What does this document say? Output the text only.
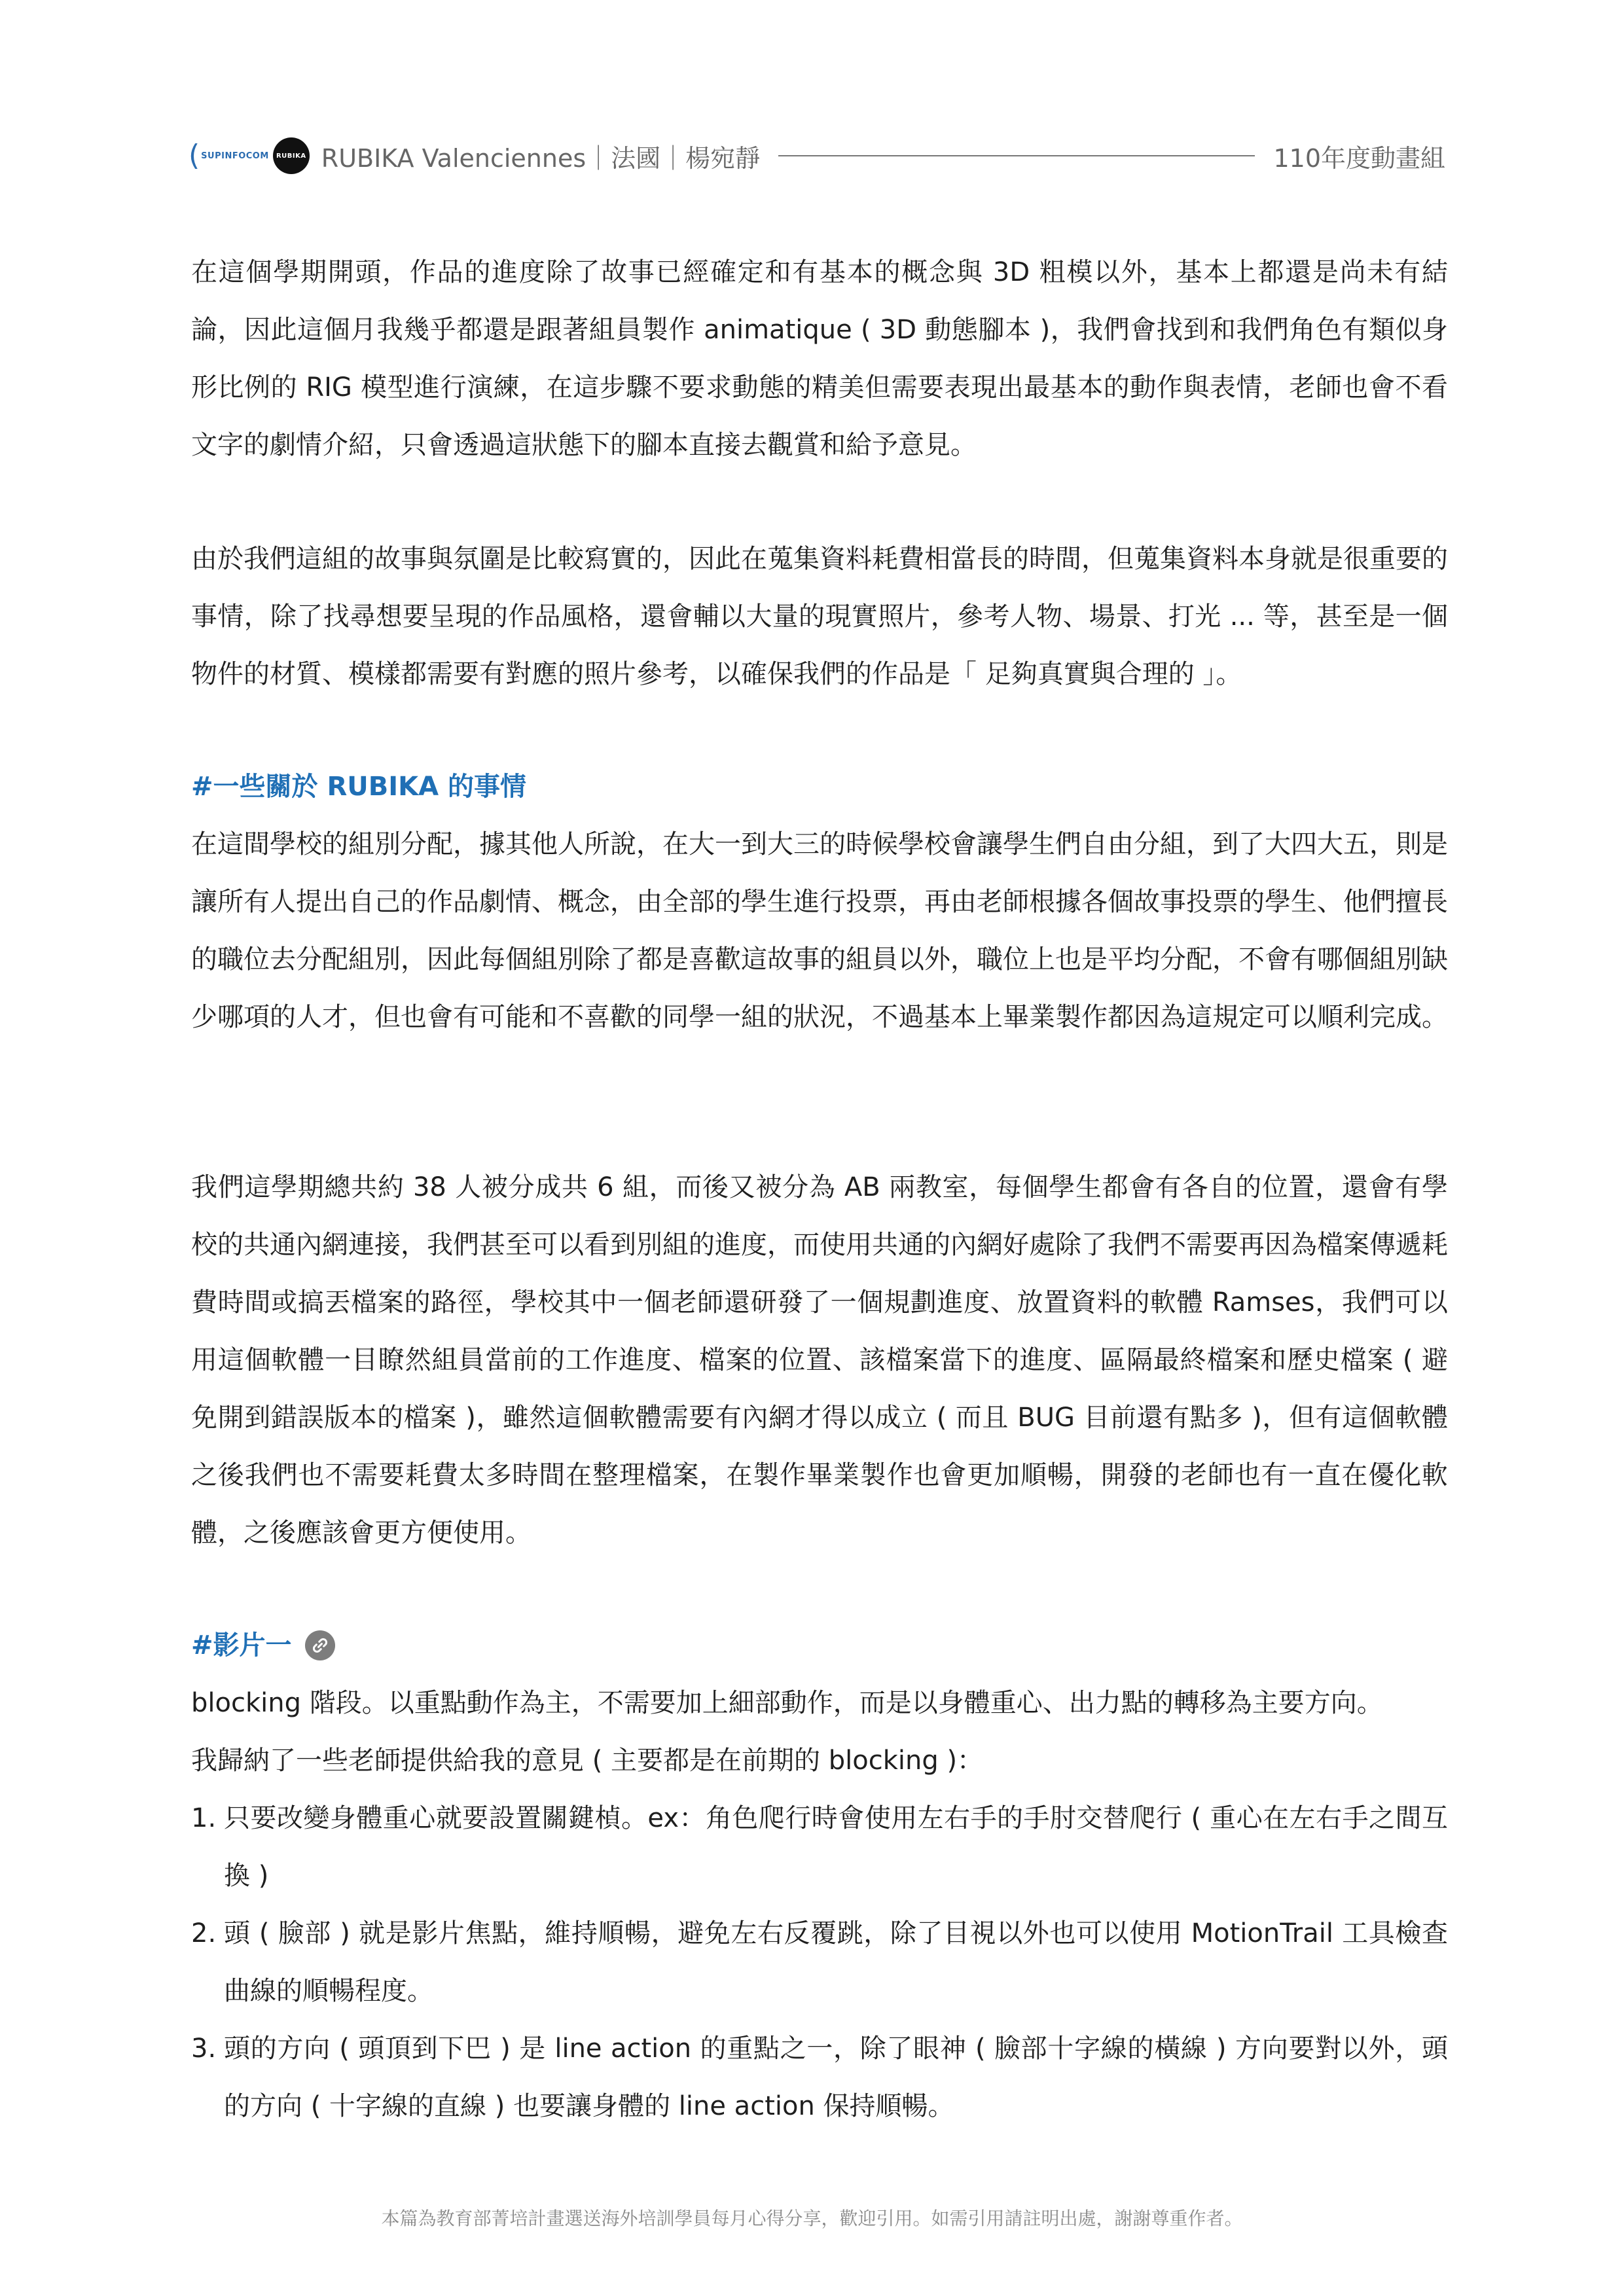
( SUPINFOCOM RUBIKA RUBIKA Valenciennes｜法國｜楊宛靜	110年度動畫組

在這個學期開頭，作品的進度除了故事已經確定和有基本的概念與 3D 粗模以外，基本上都還是尚未有結論，因此這個月我幾乎都還是跟著組員製作 animatique ( 3D 動態腳本 )，我們會找到和我們角色有類似身形比例的 RIG 模型進行演練，在這步驟不要求動態的精美但需要表現出最基本的動作與表情，老師也會不看文字的劇情介紹，只會透過這狀態下的腳本直接去觀賞和給予意見。

由於我們這組的故事與氛圍是比較寫實的，因此在蒐集資料耗費相當長的時間，但蒐集資料本身就是很重要的事情，除了找尋想要呈現的作品風格，還會輔以大量的現實照片，參考人物、場景、打光 ... 等，甚至是一個物件的材質、模樣都需要有對應的照片參考，以確保我們的作品是「 足夠真實與合理的 」。

#一些關於 RUBIKA 的事情

在這間學校的組別分配，據其他人所說，在大一到大三的時候學校會讓學生們自由分組，到了大四大五，則是讓所有人提出自己的作品劇情、概念，由全部的學生進行投票，再由老師根據各個故事投票的學生、他們擅長的職位去分配組別，因此每個組別除了都是喜歡這故事的組員以外，職位上也是平均分配，不會有哪個組別缺少哪項的人才，但也會有可能和不喜歡的同學一組的狀況，不過基本上畢業製作都因為這規定可以順利完成。

我們這學期總共約 38 人被分成共 6 組，而後又被分為 AB 兩教室，每個學生都會有各自的位置，還會有學校的共通內網連接，我們甚至可以看到別組的進度，而使用共通的內網好處除了我們不需要再因為檔案傳遞耗費時間或搞丟檔案的路徑，學校其中一個老師還研發了一個規劃進度、放置資料的軟體 Ramses，我們可以用這個軟體一目瞭然組員當前的工作進度、檔案的位置、該檔案當下的進度、區隔最終檔案和歷史檔案 ( 避免開到錯誤版本的檔案 )，雖然這個軟體需要有內網才得以成立 ( 而且 BUG 目前還有點多 )，但有這個軟體之後我們也不需要耗費太多時間在整理檔案，在製作畢業製作也會更加順暢，開發的老師也有一直在優化軟體，之後應該會更方便使用。

#影片一

blocking 階段。以重點動作為主，不需要加上細部動作，而是以身體重心、出力點的轉移為主要方向。

我歸納了一些老師提供給我的意見 ( 主要都是在前期的 blocking )：

1. 只要改變身體重心就要設置關鍵楨。ex：角色爬行時會使用左右手的手肘交替爬行 ( 重心在左右手之間互換 )
2. 頭 ( 臉部 ) 就是影片焦點，維持順暢，避免左右反覆跳，除了目視以外也可以使用 MotionTrail 工具檢查曲線的順暢程度。
3. 頭的方向 ( 頭頂到下巴 ) 是 line action 的重點之一，除了眼神 ( 臉部十字線的橫線 ) 方向要對以外，頭的方向 ( 十字線的直線 ) 也要讓身體的 line action 保持順暢。
本篇為教育部菁培計畫選送海外培訓學員每月心得分享，歡迎引用。如需引用請註明出處，謝謝尊重作者。
